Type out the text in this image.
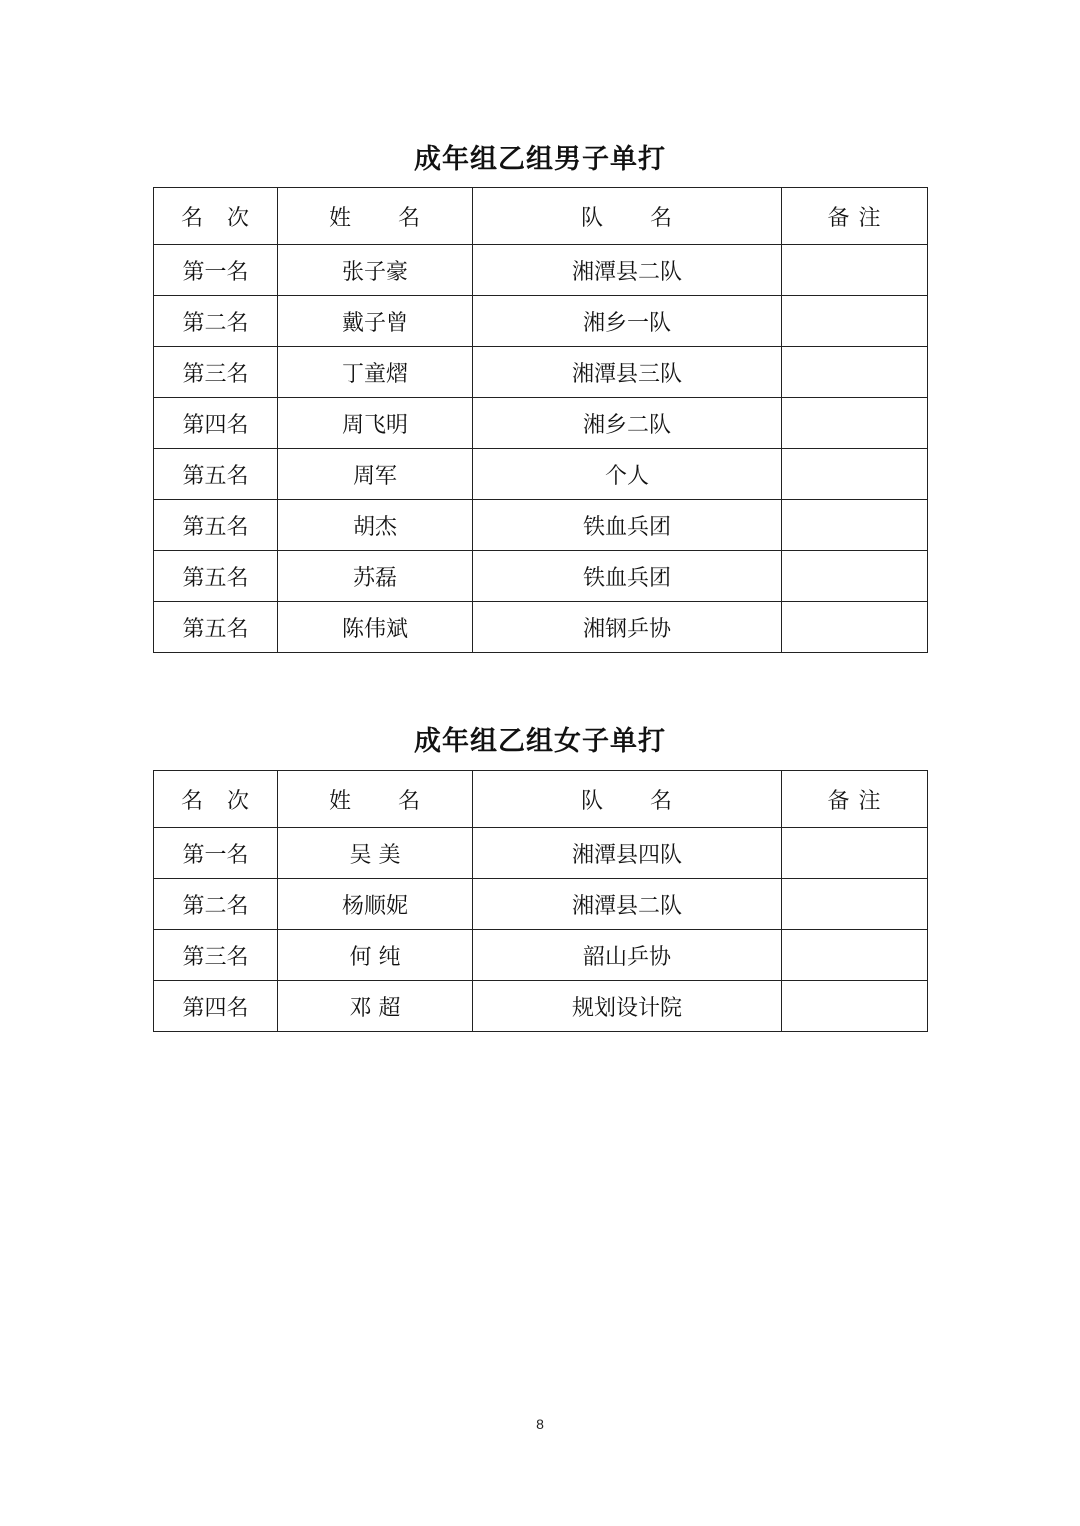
成年组乙组男子单打
名　次	姓　　名	队　　名	备 注
第一名	张子豪	湘潭县二队	
第二名	戴子曾	湘乡一队	
第三名	丁童熠	湘潭县三队	
第四名	周飞明	湘乡二队	
第五名	周军	个人	
第五名	胡杰	铁血兵团	
第五名	苏磊	铁血兵团	
第五名	陈伟斌	湘钢乒协	
成年组乙组女子单打
名　次	姓　　名	队　　名	备 注
第一名	吴 美	湘潭县四队	
第二名	杨顺妮	湘潭县二队	
第三名	何 纯	韶山乒协	
第四名	邓 超	规划设计院	
8
